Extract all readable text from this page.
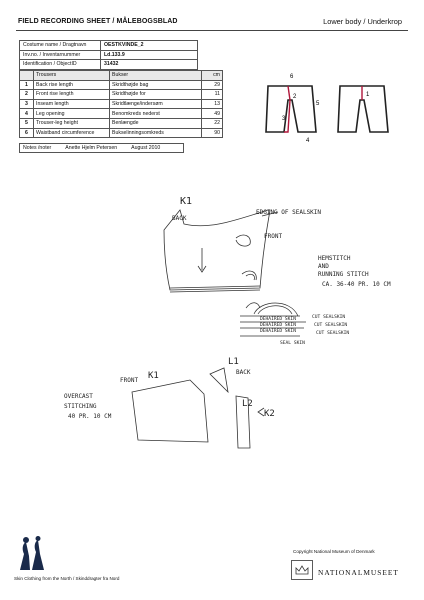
FIELD RECORDING SHEET / MÅLEBOGSBLAD	Lower body / Underkrop
Costume name / Dragtnavn	OESTKVINDE_2
Inv.no. / Inventarnummer	Ld.133.9
Identification / ObjectID	31432
	Trousers	Bukser	cm
1	Back rise length	Skridthøjde bag	29
2	Front rise length	Skridthøjde for	11
3	Inseam length	Skridtlænge/indersøm	13
4	Leg opening	Benomkreds nederst	49
5	Trouser-leg height	Benlængde	22
6	Waistband circumference	Bukselinningsomkreds	90
Notes /noter	Anette Hjelm Petersen	August 2010
6
2
5
3
4
1
K1
BACK
EDGING OF SEALSKIN
FRONT
HEMSTITCH
AND
RUNNING STITCH
CA. 36-40 PR. 10 CM
DEHAIRED SKIN
DEHAIRED SKIN
DEHAIRED SKIN
SEAL SKIN
CUT SEALSKIN
CUT SEALSKIN
CUT SEALSKIN
L1
BACK
FRONT K1
OVERCAST
STITCHING
40 PR. 10 CM
L2
K2
Skin Clothing from the North / Skinddragter fra Nord
Copyright National Museum of Denmark
NATIONALMUSEET
